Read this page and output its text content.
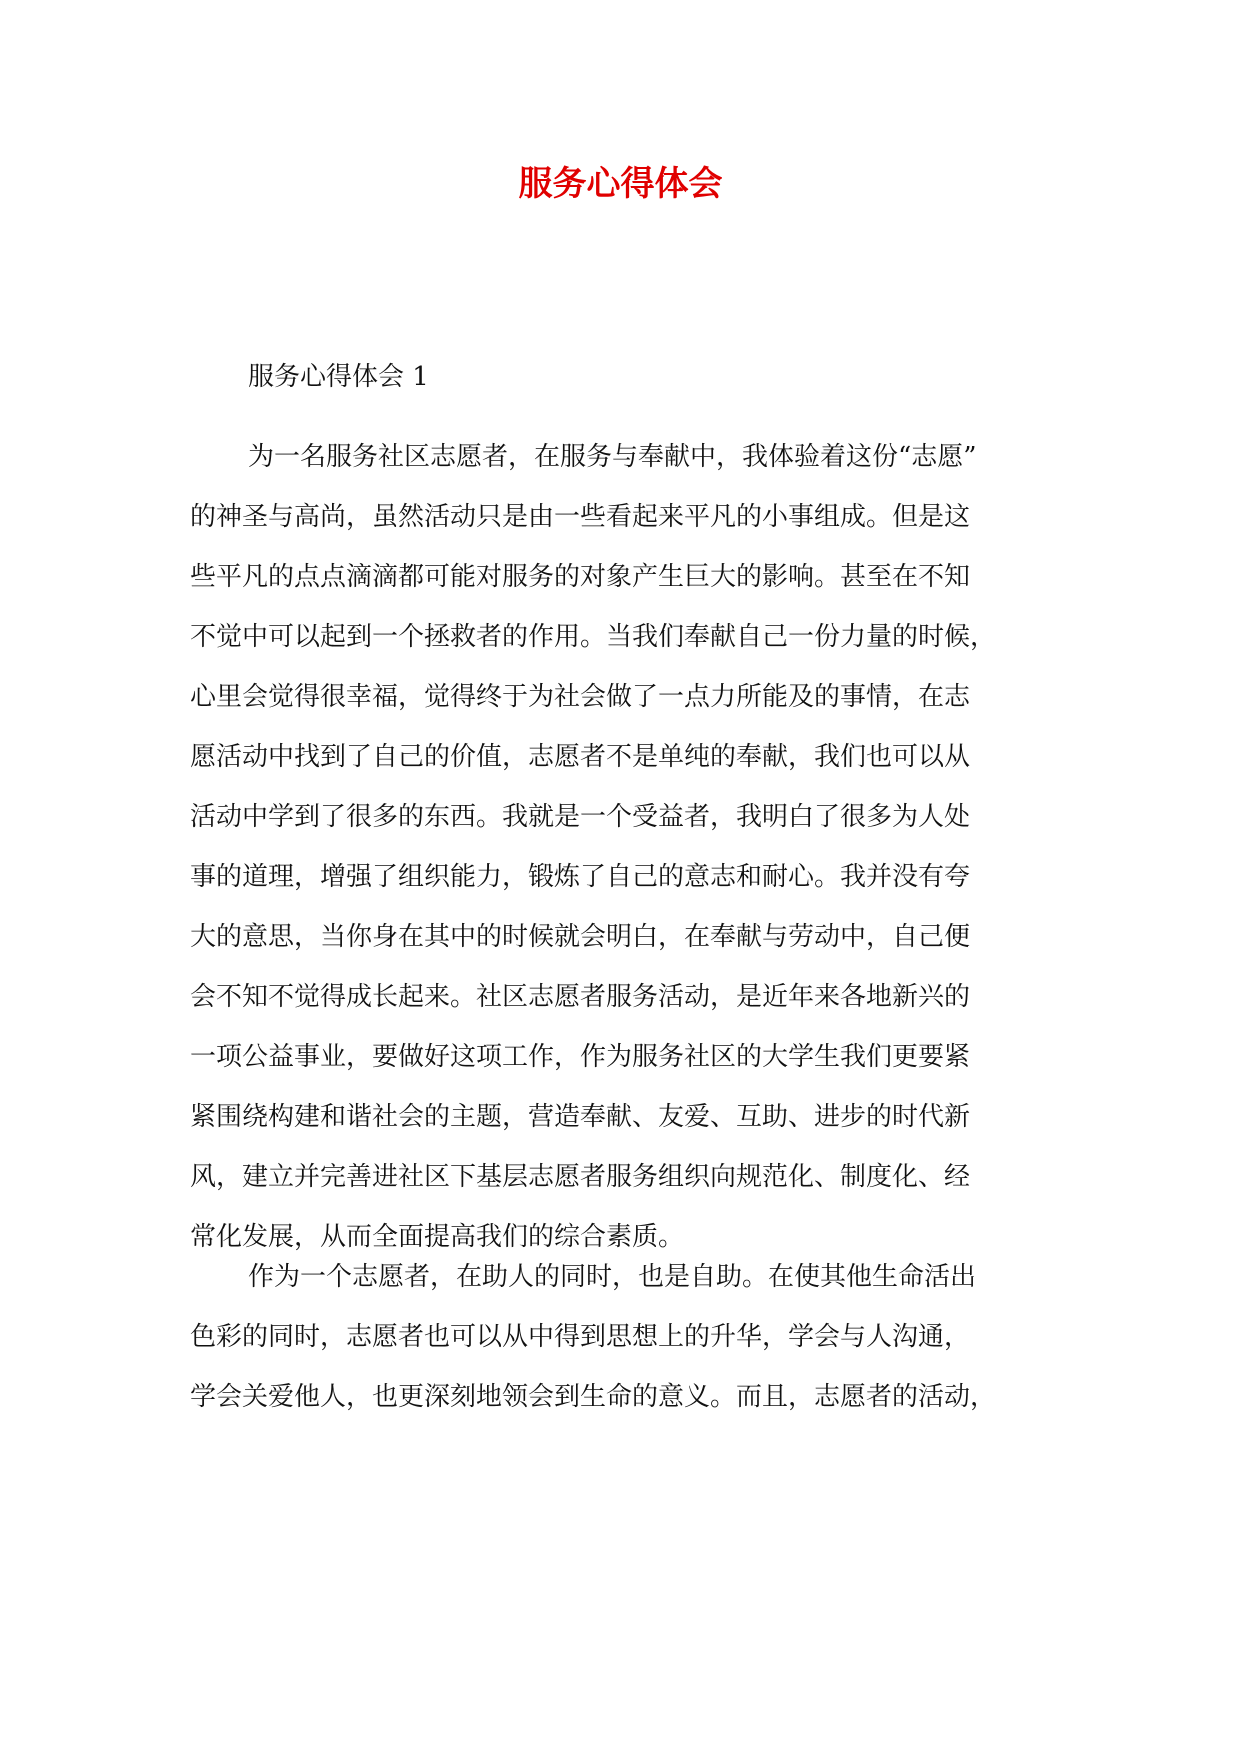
服务心得体会
服务心得体会 1
为一名服务社区志愿者，在服务与奉献中，我体验着这份“志愿”
的神圣与高尚，虽然活动只是由一些看起来平凡的小事组成。但是这
些平凡的点点滴滴都可能对服务的对象产生巨大的影响。甚至在不知
不觉中可以起到一个拯救者的作用。当我们奉献自己一份力量的时候，
心里会觉得很幸福，觉得终于为社会做了一点力所能及的事情，在志
愿活动中找到了自己的价值，志愿者不是单纯的奉献，我们也可以从
活动中学到了很多的东西。我就是一个受益者，我明白了很多为人处
事的道理，增强了组织能力，锻炼了自己的意志和耐心。我并没有夸
大的意思，当你身在其中的时候就会明白，在奉献与劳动中，自己便
会不知不觉得成长起来。社区志愿者服务活动，是近年来各地新兴的
一项公益事业，要做好这项工作，作为服务社区的大学生我们更要紧
紧围绕构建和谐社会的主题，营造奉献、友爱、互助、进步的时代新
风，建立并完善进社区下基层志愿者服务组织向规范化、制度化、经
常化发展，从而全面提高我们的综合素质。
作为一个志愿者，在助人的同时，也是自助。在使其他生命活出
色彩的同时，志愿者也可以从中得到思想上的升华，学会与人沟通，
学会关爱他人，也更深刻地领会到生命的意义。而且，志愿者的活动，
